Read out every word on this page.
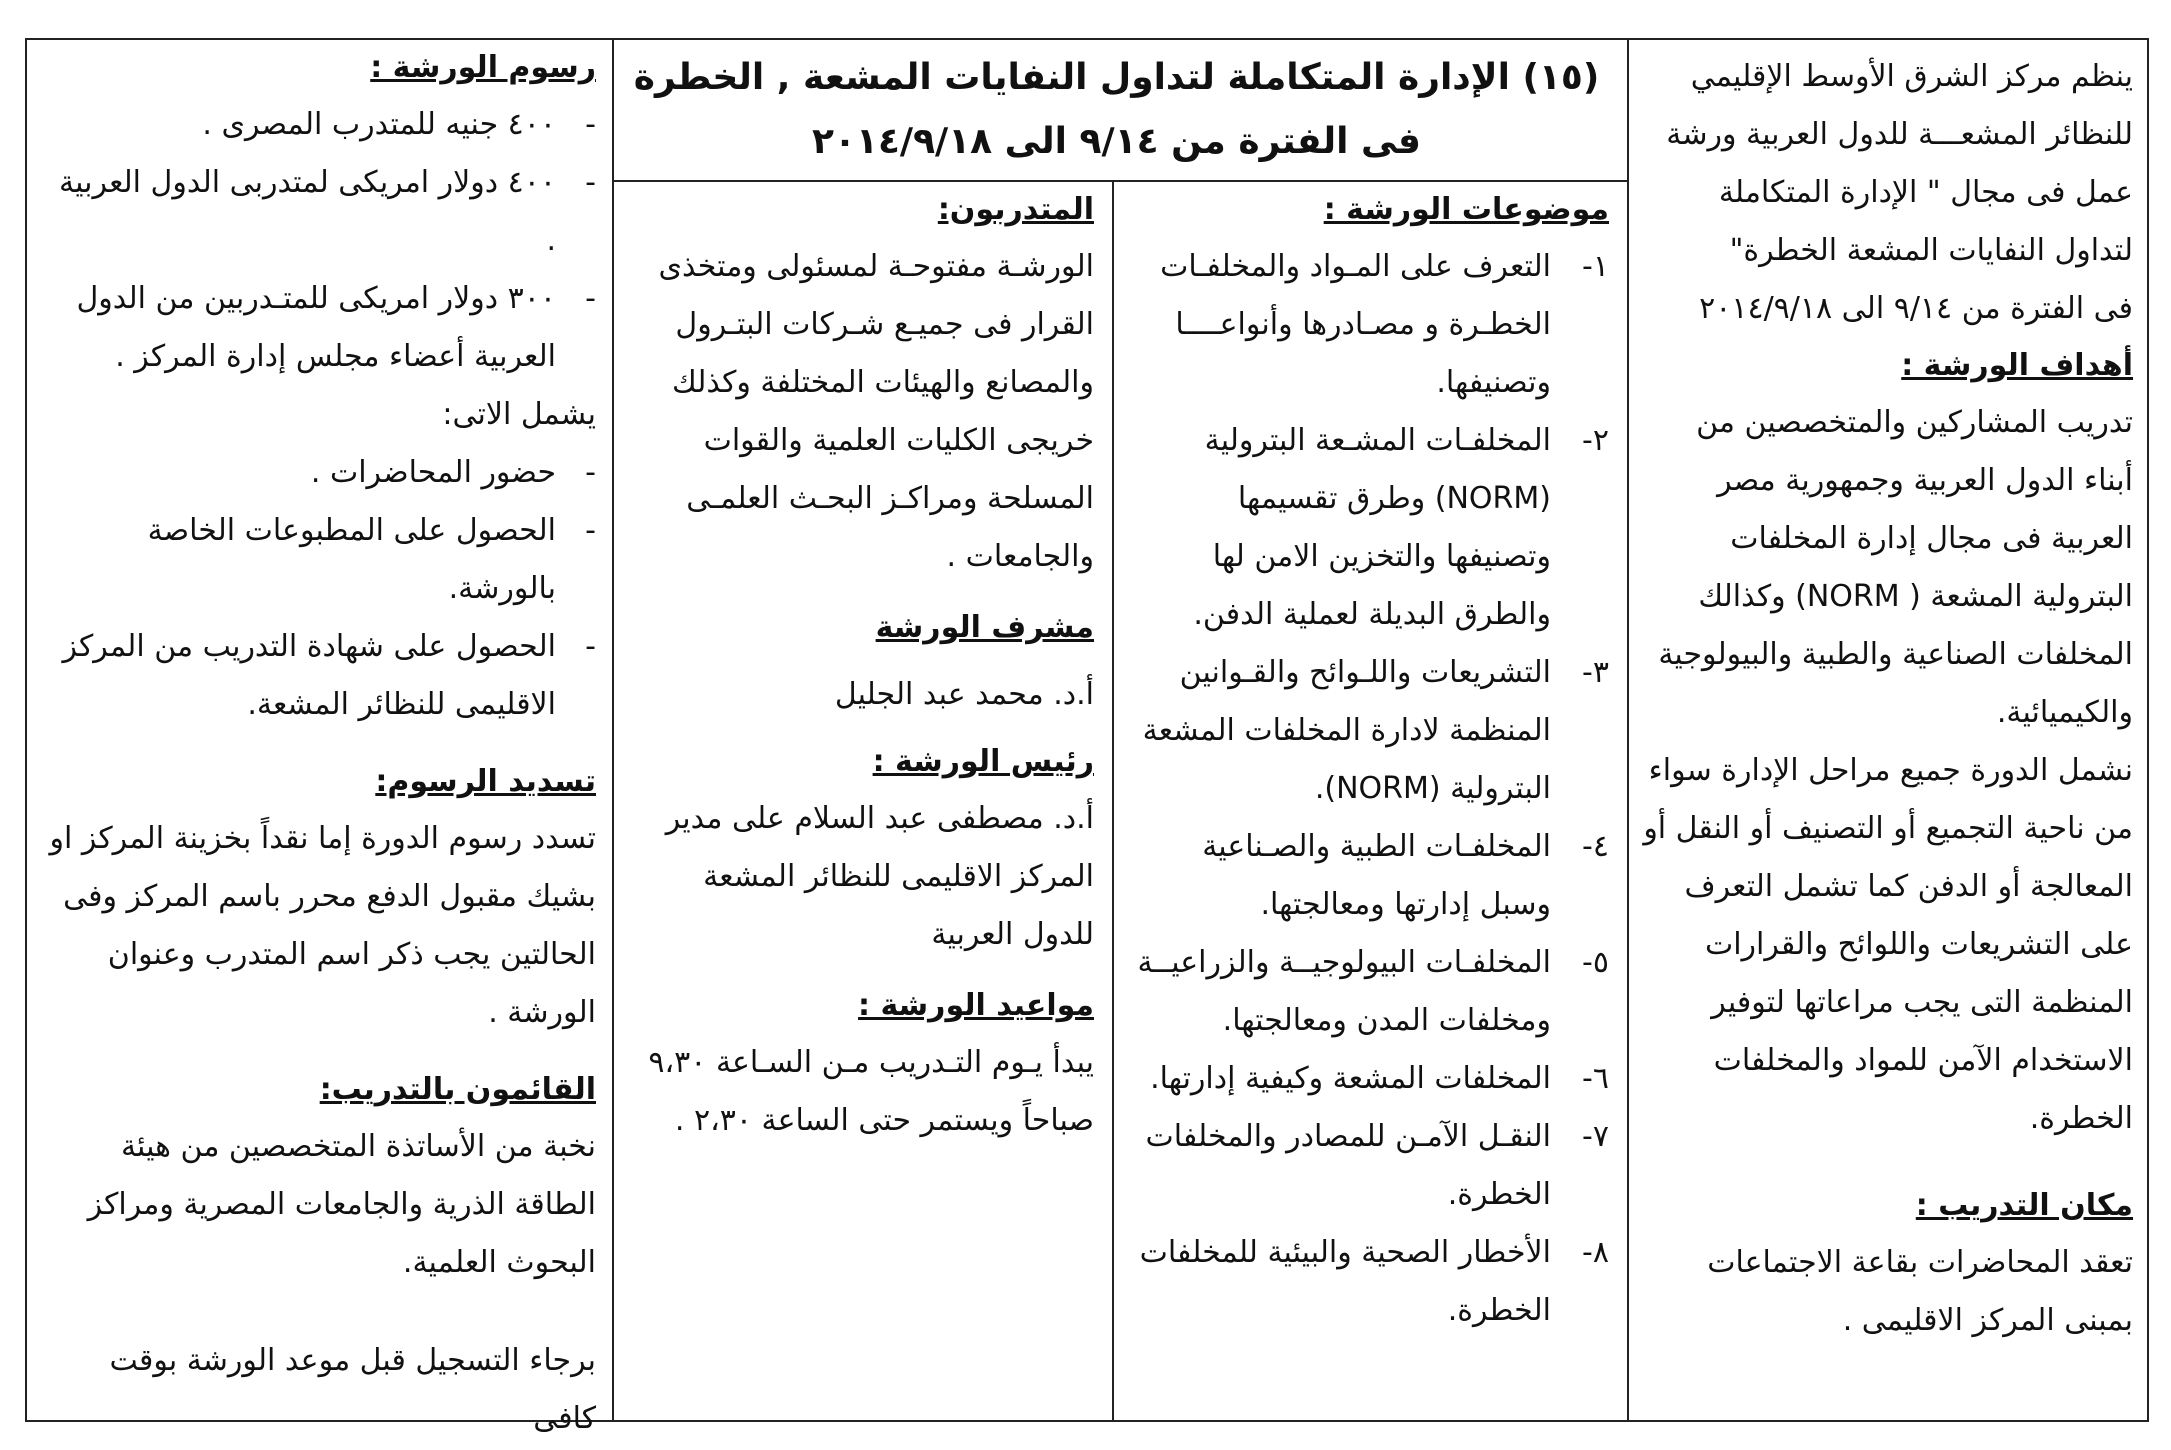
ينظم مركز الشرق الأوسط الإقليمي للنظائر المشعـــة للدول العربية ورشة عمل فى مجال " الإدارة المتكاملة لتداول النفايات المشعة الخطرة"

فى الفترة من ٩/١٤ الى ٢٠١٤/٩/١٨

أهداف الورشة :

تدريب المشاركين والمتخصصين من أبناء الدول العربية وجمهورية مصر العربية فى مجال إدارة المخلفات البترولية المشعة ( NORM) وكذالك المخلفات الصناعية والطبية والبيولوجية والكيميائية.

نشمل الدورة جميع مراحل الإدارة سواء من ناحية التجميع أو التصنيف أو النقل أو المعالجة أو الدفن كما تشمل التعرف على التشريعات واللوائح والقرارات المنظمة التى يجب مراعاتها لتوفير الاستخدام الآمن للمواد والمخلفات الخطرة.

مكان التدريب :

تعقد المحاضرات بقاعة الاجتماعات بمبنى المركز الاقليمى .

(١٥) الإدارة المتكاملة لتداول النفايات المشعة , الخطرة

فى الفترة من ٩/١٤ الى ٢٠١٤/٩/١٨

موضوعات الورشة :

١-
التعرف على المـواد والمخلفـات الخطـرة و مصـادرها وأنواعــــا وتصنيفها.
٢-
المخلفـات المشـعة البترولية (NORM) وطرق تقسيمها وتصنيفها والتخزين الامن لها والطرق البديلة لعملية الدفن.
٣-
التشريعات واللـوائح والقـوانين المنظمة لادارة المخلفات المشعة البترولية (NORM).
٤-
المخلفـات الطبية والصـناعية وسبل إدارتها ومعالجتها.
٥-
المخلفـات البيولوجيــة والزراعيــة ومخلفات المدن ومعالجتها.
٦-
المخلفات المشعة وكيفية إدارتها.
٧-
النقـل الآمـن للمصادر والمخلفات الخطرة.
٨-
الأخطار الصحية والبيئية للمخلفات الخطرة.

المتدربون:

الورشـة مفتوحـة لمسئولى ومتخذى القرار فى جميـع شـركات البتـرول والمصانع والهيئات المختلفة وكذلك خريجى الكليات العلمية والقوات المسلحة ومراكـز البحـث العلمـى والجامعات .

مشرف الورشة

أ.د. محمد عبد الجليل

رئيس الورشة :

أ.د. مصطفى عبد السلام على مدير المركز الاقليمى للنظائر المشعة للدول العربية

مواعيد الورشة :

يبدأ يـوم التـدريب مـن السـاعة ٩،٣٠ صباحاً ويستمر حتى الساعة ٢،٣٠ .

رسوم الورشة :

-
٤٠٠ جنيه للمتدرب المصرى .
-
٤٠٠ دولار امريكى لمتدربى الدول العربية .
-
٣٠٠ دولار امريكى للمتـدربين من الدول العربية أعضاء مجلس إدارة المركز .

يشمل الاتى:

-
حضور المحاضرات .
-
الحصول على المطبوعات الخاصة بالورشة.
-
الحصول على شهادة التدريب من المركز الاقليمى للنظائر المشعة.

تسديد الرسوم:

تسدد رسوم الدورة إما نقداً بخزينة المركز او بشيك مقبول الدفع محرر باسم المركز وفى الحالتين يجب ذكر اسم المتدرب وعنوان الورشة .

القائمون بالتدريب:

نخبة من الأساتذة المتخصصين من هيئة الطاقة الذرية والجامعات المصرية ومراكز البحوث العلمية.

برجاء التسجيل قبل موعد الورشة بوقت كافى
